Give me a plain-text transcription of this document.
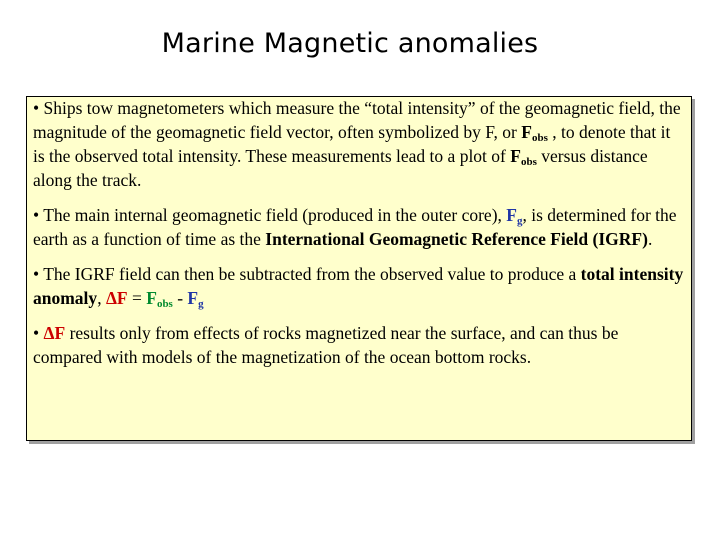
Marine Magnetic anomalies

• Ships tow magnetometers which measure the “total intensity” of the geomagnetic field, the magnitude of the geomagnetic field vector, often symbolized by F, or $F_{obs}$ , to denote that it is the observed total intensity. These measurements lead to a plot of $F_{obs}$ versus distance along the track.

• The main internal geomagnetic field (produced in the outer core), $F_g$, is determined for the earth as a function of time as the International Geomagnetic Reference Field (IGRF).

• The IGRF field can then be subtracted from the observed value to produce a total intensity anomaly, $\Delta F = F_{obs} - F_g$

• ΔF results only from effects of rocks magnetized near the surface, and can thus be compared with models of the magnetization of the ocean bottom rocks.
